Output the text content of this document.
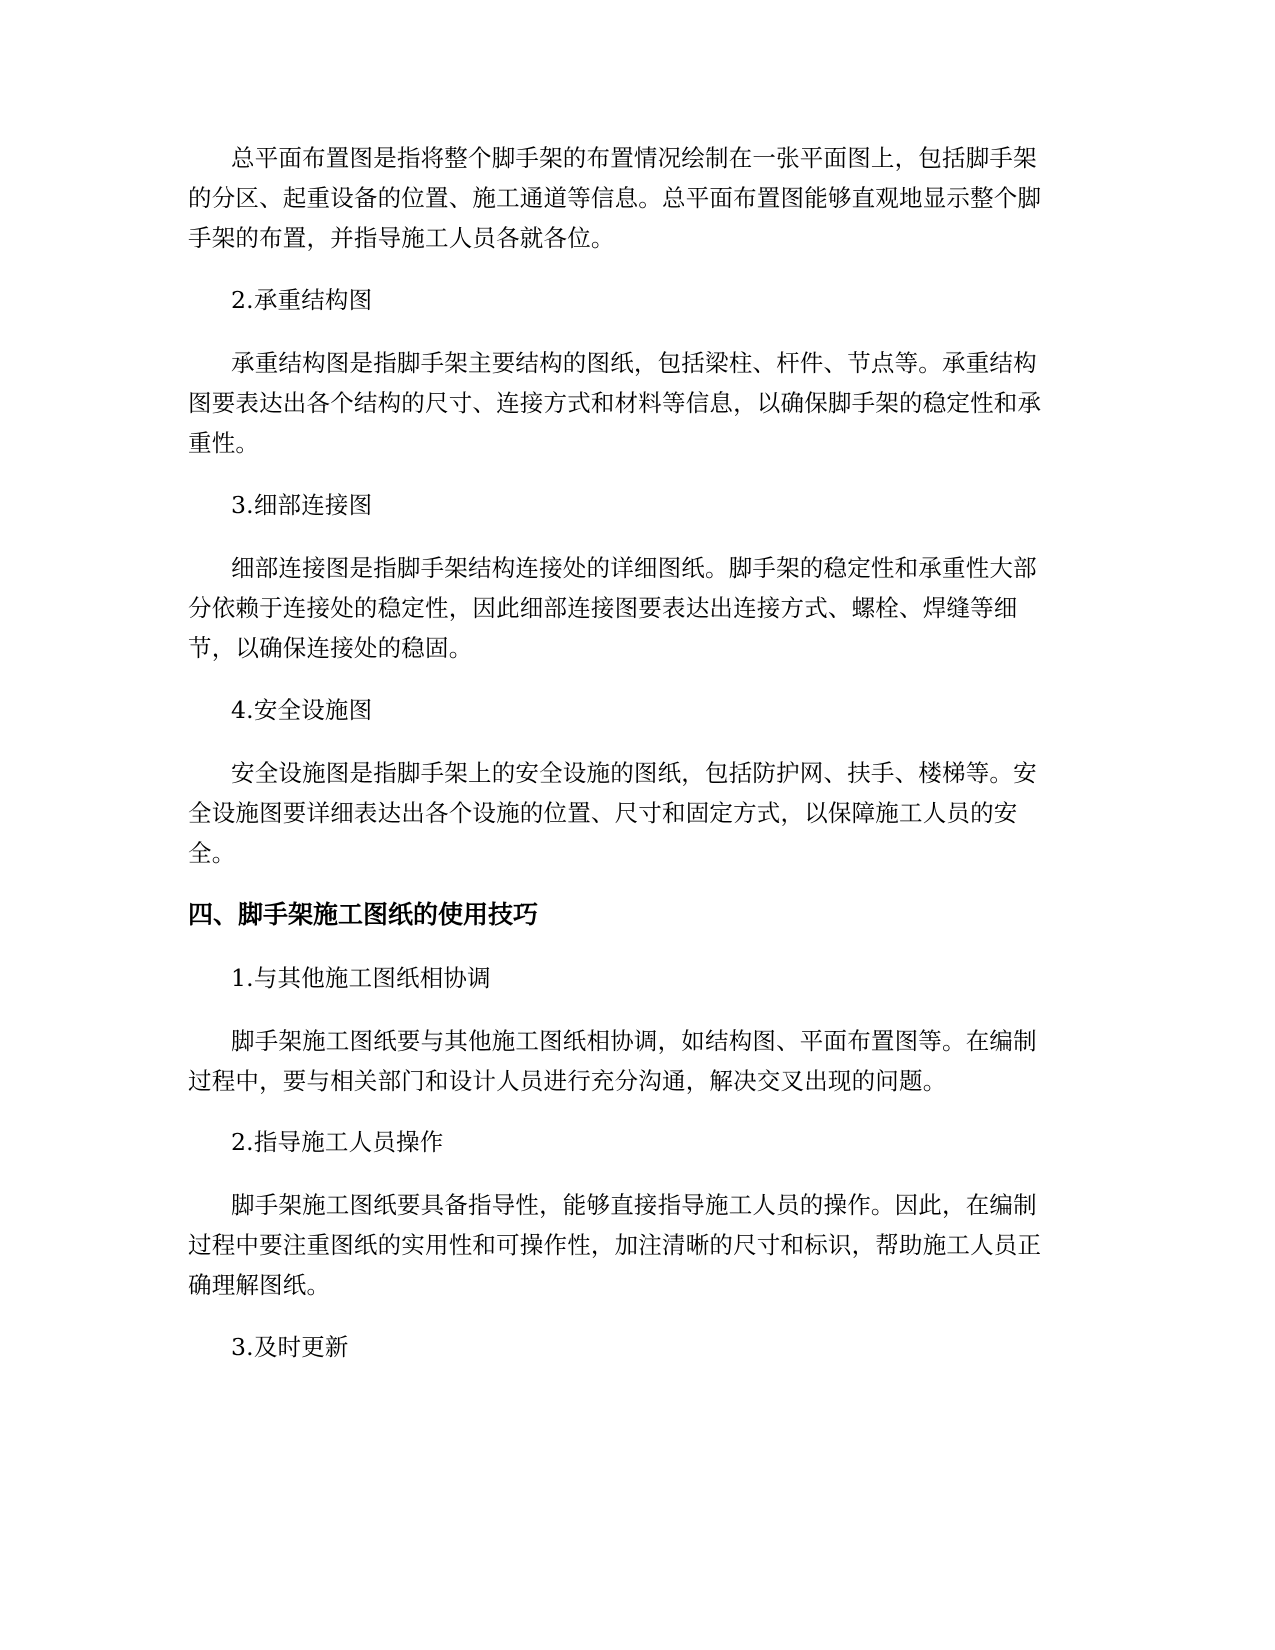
总平面布置图是指将整个脚手架的布置情况绘制在一张平面图上，包括脚手架

的分区、起重设备的位置、施工通道等信息。总平面布置图能够直观地显示整个脚

手架的布置，并指导施工人员各就各位。

2.承重结构图

承重结构图是指脚手架主要结构的图纸，包括梁柱、杆件、节点等。承重结构

图要表达出各个结构的尺寸、连接方式和材料等信息，以确保脚手架的稳定性和承

重性。

3.细部连接图

细部连接图是指脚手架结构连接处的详细图纸。脚手架的稳定性和承重性大部

分依赖于连接处的稳定性，因此细部连接图要表达出连接方式、螺栓、焊缝等细

节，以确保连接处的稳固。

4.安全设施图

安全设施图是指脚手架上的安全设施的图纸，包括防护网、扶手、楼梯等。安

全设施图要详细表达出各个设施的位置、尺寸和固定方式，以保障施工人员的安

全。

四、脚手架施工图纸的使用技巧

1.与其他施工图纸相协调

脚手架施工图纸要与其他施工图纸相协调，如结构图、平面布置图等。在编制

过程中，要与相关部门和设计人员进行充分沟通，解决交叉出现的问题。

2.指导施工人员操作

脚手架施工图纸要具备指导性，能够直接指导施工人员的操作。因此，在编制

过程中要注重图纸的实用性和可操作性，加注清晰的尺寸和标识，帮助施工人员正

确理解图纸。

3.及时更新
